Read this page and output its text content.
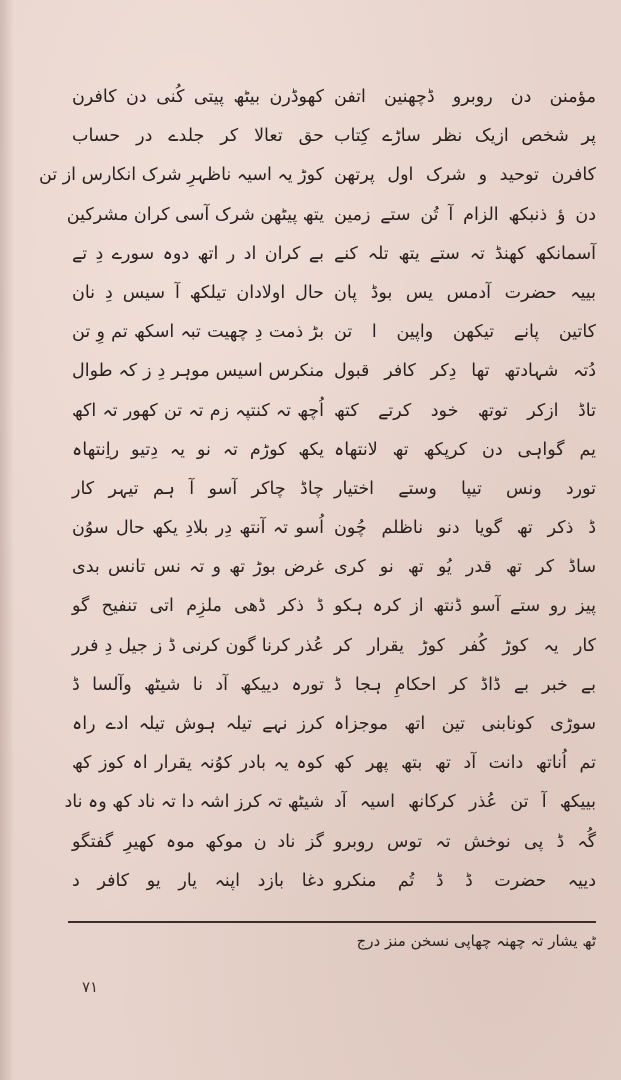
مؤمنن دن روبرو ڈچھنین اتفن
پر شخص ازیک نظر ساڑے کِتاب
کافرن توحید و شرک اول پرتھن
دن ؤ ذنبکھ الزام آ تُن ستے زمین
آسمانکھ کھنڈ تہ ستے یتھ تلہ کنے
بییہ حضرت آدمس یس بوڈ پان
کاتین پانے تیکھن واپین ا تن
دُتہ شہادتھ تھا دِکر کافر قبول
تاڈ ازکر توتھ خود کرتے کتھ
یم گواہی دن کرپکھ تھ لانتھاہ
تورد ونس تیپا وستے اختیار
ڈ ذکر تھ گویا دنو ناظلم چُون
ساڈ کر تھ قدر یُو تھ نو کری
پیز رو ستے آسو ڈنتھ از کرہ ہکو
کار یہ کوڑ کُفر کوڑ یقرار کر
بے خبر بے ڈاڈ کر احکامِ ہجا ڈ
سوڑی کونابنی تین اتھ موجزاہ
تم اُناتھ دانت آد تھ بتھ پھر کھ
بییکھ آ تن عُذر کرکانھ اسیہ آد
گُہ ڈ پی نوخش تہ توس روبرو
دییہ حضرت ڈ ڈ تُم منکرو
کھوڈرن بیٹھ پیتی کُنی دن کافرن
حق تعالا کر جلدے در حساب
کوڑ یہ اسیہ ناظہرِ شرک انکارس از تن
یتھ پیٹھن شرک آسی کران مشرکین
بے کران اد ر اتھ دوہ سورے دِ تے
حال اولادان تیلکھ آ سیس دِ نان
بڑ ذمت دِ چھیت تبہ اسکھ تم وِ تن
منکرس اسیس موہر دِ ز کہ طوال
اُچھ تہ کنتپہ زم تہ تن کھور تہ اکھ
یکھ کوڑم تہ نو یہ دِتیو راِنتھاہ
چاڈ چاکر آسو آ ہم تیہر کار
اُسو تہ آنتھ دِر بلادِ یکھ حال سوُن
غرض بوڑ تھ و تہ نس تانس بدی
ڈ ذکر ڈھی ملزِم اتی تنفیح گو
عُذر کرنا گون کرنی ڈ ز جیل دِ فرر
تورہ دییکھ آد نا شیٹھ وآلسا ڈ
کرز نہے تیلہ ہوش تیلہ ادے راہ
کوہ یہ بادر کوُنہ یقرار اہ کوز کھ
شیٹھ تہ کرز اشہ دا تہ ناد کھ وہ ناد
گز ناد ن موکھ موہ کھیرِ گفتگو
دغا بازد اپنہ یار یو کافر د
ٹھ یشار تہ چھنہ چھاپی نسخن منز درج
٧١
